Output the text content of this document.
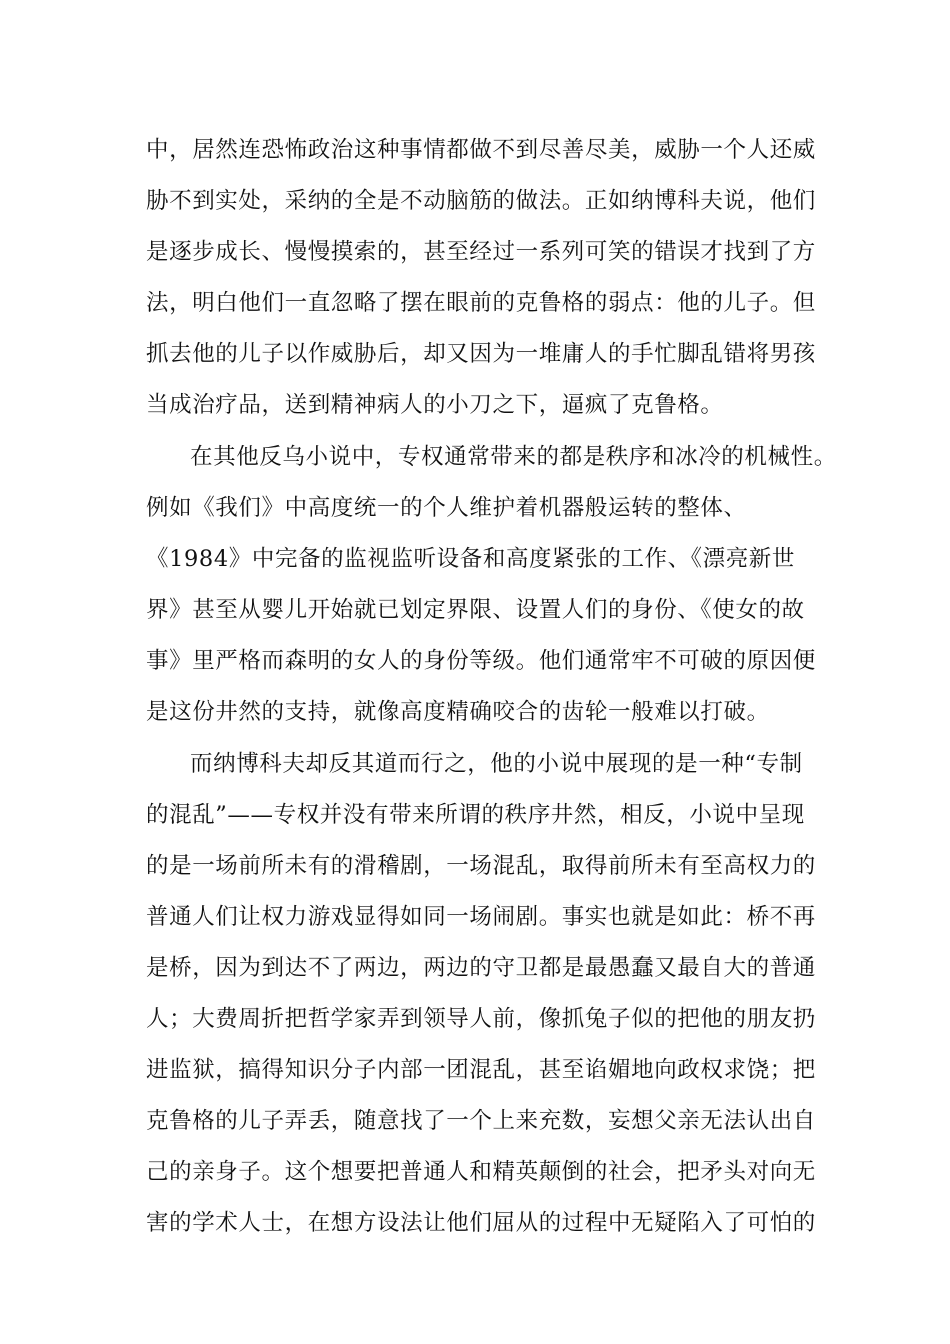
中，居然连恐怖政治这种事情都做不到尽善尽美，威胁一个人还威
胁不到实处，采纳的全是不动脑筋的做法。正如纳博科夫说，他们
是逐步成长、慢慢摸索的，甚至经过一系列可笑的错误才找到了方
法，明白他们一直忽略了摆在眼前的克鲁格的弱点：他的儿子。但
抓去他的儿子以作威胁后，却又因为一堆庸人的手忙脚乱错将男孩
当成治疗品，送到精神病人的小刀之下，逼疯了克鲁格。
在其他反乌小说中，专权通常带来的都是秩序和冰冷的机械性。
例如《我们》中高度统一的个人维护着机器般运转的整体、
《1984》中完备的监视监听设备和高度紧张的工作、《漂亮新世
界》甚至从婴儿开始就已划定界限、设置人们的身份、《使女的故
事》里严格而森明的女人的身份等级。他们通常牢不可破的原因便
是这份井然的支持，就像高度精确咬合的齿轮一般难以打破。
而纳博科夫却反其道而行之，他的小说中展现的是一种“专制
的混乱”——专权并没有带来所谓的秩序井然，相反，小说中呈现
的是一场前所未有的滑稽剧，一场混乱，取得前所未有至高权力的
普通人们让权力游戏显得如同一场闹剧。事实也就是如此：桥不再
是桥，因为到达不了两边，两边的守卫都是最愚蠢又最自大的普通
人；大费周折把哲学家弄到领导人前，像抓兔子似的把他的朋友扔
进监狱，搞得知识分子内部一团混乱，甚至谄媚地向政权求饶；把
克鲁格的儿子弄丢，随意找了一个上来充数，妄想父亲无法认出自
己的亲身子。这个想要把普通人和精英颠倒的社会，把矛头对向无
害的学术人士，在想方设法让他们屈从的过程中无疑陷入了可怕的
